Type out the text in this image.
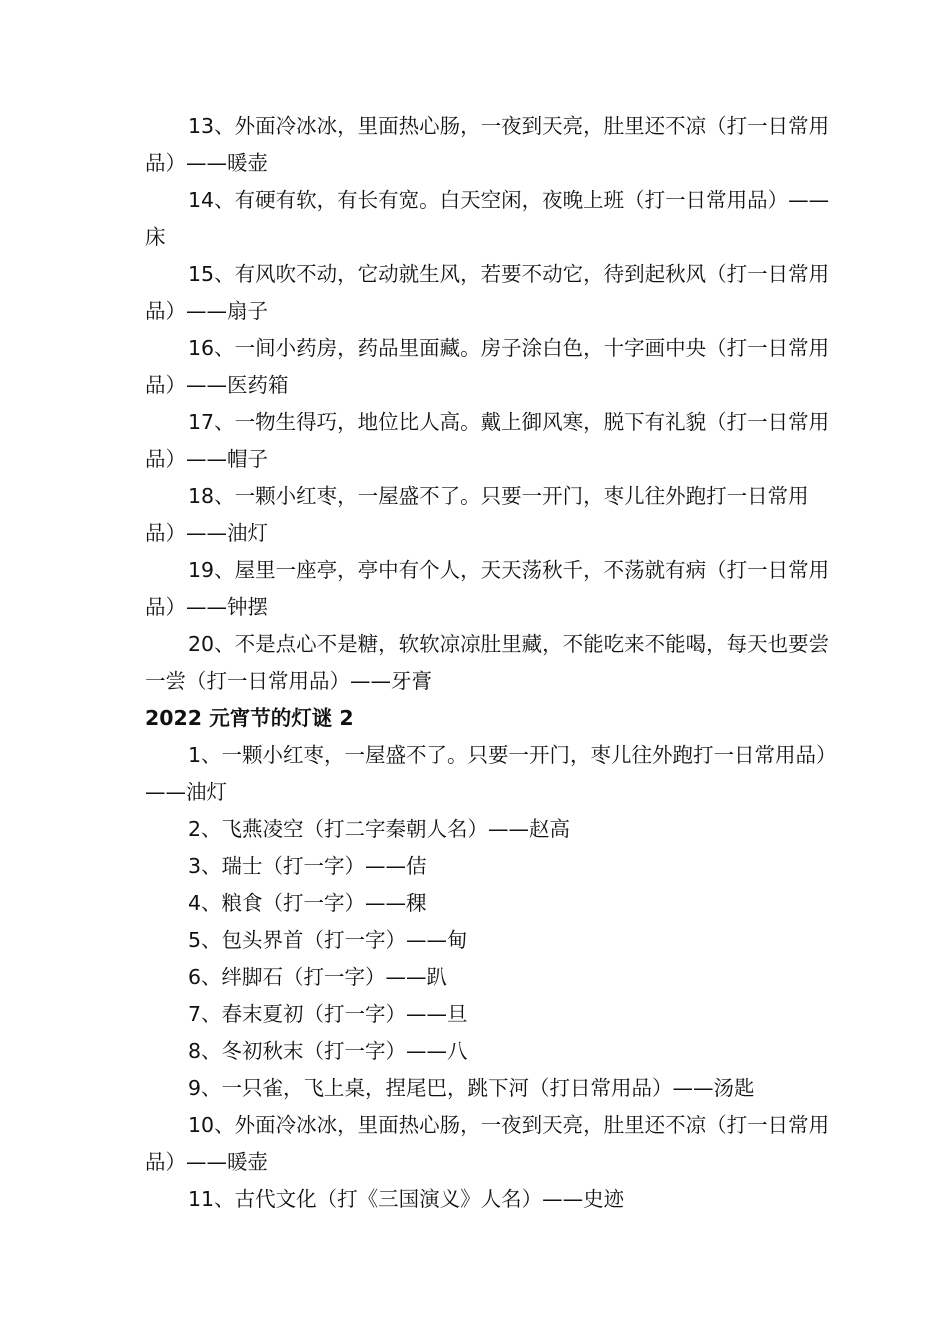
13、外面冷冰冰，里面热心肠，一夜到天亮，肚里还不凉（打一日常用品）——暖壶

14、有硬有软，有长有宽。白天空闲，夜晚上班（打一日常用品）——床

15、有风吹不动，它动就生风，若要不动它，待到起秋风（打一日常用品）——扇子

16、一间小药房，药品里面藏。房子涂白色，十字画中央（打一日常用品）——医药箱

17、一物生得巧，地位比人高。戴上御风寒，脱下有礼貌（打一日常用品）——帽子

18、一颗小红枣，一屋盛不了。只要一开门，枣儿往外跑打一日常用品）——油灯

19、屋里一座亭，亭中有个人，天天荡秋千，不荡就有病（打一日常用品）——钟摆

20、不是点心不是糖，软软凉凉肚里藏，不能吃来不能喝，每天也要尝一尝（打一日常用品）——牙膏

2022 元宵节的灯谜 2

1、一颗小红枣，一屋盛不了。只要一开门，枣儿往外跑打一日常用品）——油灯

2、飞燕凌空（打二字秦朝人名）——赵高

3、瑞士（打一字）——佶

4、粮食（打一字）——稞

5、包头界首（打一字）——甸

6、绊脚石（打一字）——趴

7、春末夏初（打一字）——旦

8、冬初秋末（打一字）——八

9、一只雀，飞上桌，捏尾巴，跳下河（打日常用品）——汤匙

10、外面冷冰冰，里面热心肠，一夜到天亮，肚里还不凉（打一日常用品）——暖壶

11、古代文化（打《三国演义》人名）——史迹
